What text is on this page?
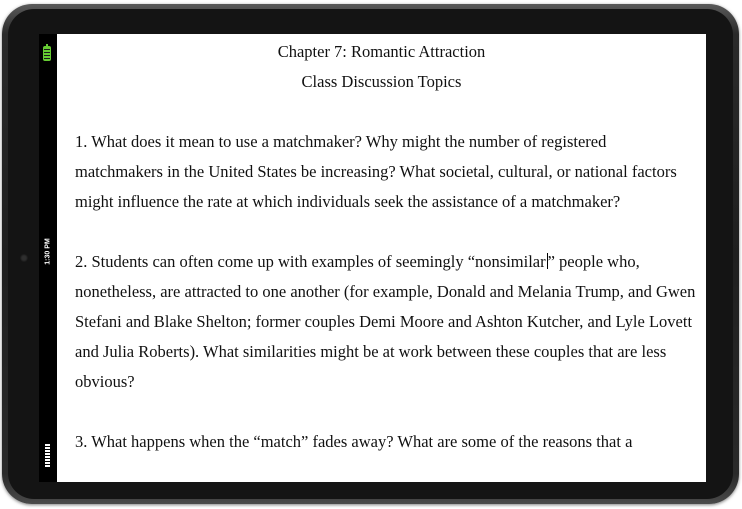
1:30 PM
Chapter 7: Romantic Attraction
Class Discussion Topics

1. What does it mean to use a matchmaker? Why might the number of registered matchmakers in the United States be increasing? What societal, cultural, or national factors might influence the rate at which individuals seek the assistance of a matchmaker?

2. Students can often come up with examples of seemingly “nonsimilar ” people who, nonetheless, are attracted to one another (for example, Donald and Melania Trump, and Gwen Stefani and Blake Shelton; former couples Demi Moore and Ashton Kutcher, and Lyle Lovett and Julia Roberts). What similarities might be at work between these couples that are less obvious?

3. What happens when the “match” fades away? What are some of the reasons that a
